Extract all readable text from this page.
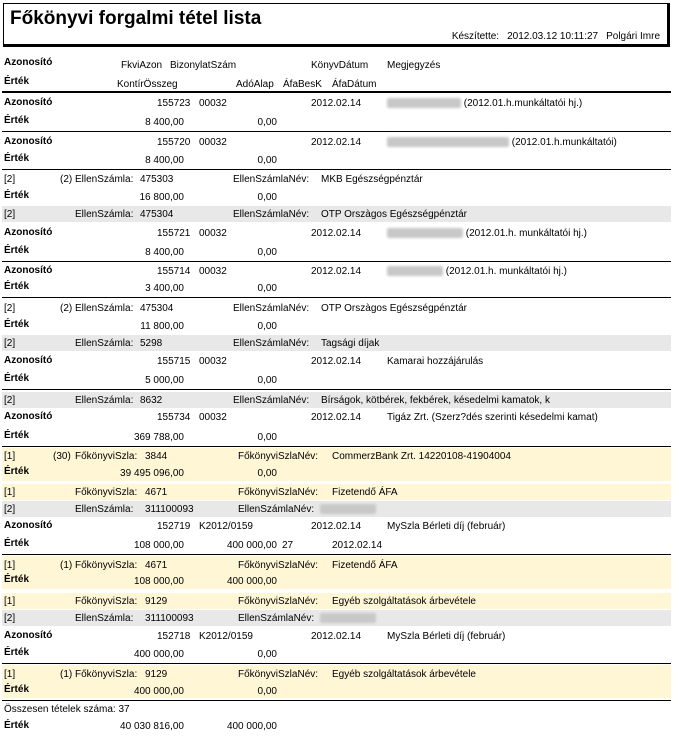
Főkönyvi forgalmi tétel lista
Készítette: 2012.03.12 10:11:27 Polgári Imre
Azonosító	FkviAzon BizonylatSzám	KönyvDátum Megjegyzés
Érték	KontírÖsszeg	AdóAlap ÁfaBesK ÁfaDátum
Azonosító	155723 00032	2012.02.14	(2012.01.h.munkáltatói hj.)
Érték	8 400,00	0,00
Azonosító	155720 00032	2012.02.14	(2012.01.h.munkáltatói)
Érték	8 400,00	0,00
[2]	(2) EllenSzámla: 475303	EllenSzámlaNév: MKB Egészségpénztár
Érték	16 800,00	0,00
[2]	EllenSzámla: 475304	EllenSzámlaNév: OTP Orszàgos Egészségpénztár
Azonosító	155721 00032	2012.02.14	(2012.01.h. munkáltatói hj.)
Érték	8 400,00	0,00
Azonosító	155714 00032	2012.02.14	(2012.01.h. munkáltatói hj.)
Érték	3 400,00	0,00
[2]	(2) EllenSzámla: 475304	EllenSzámlaNév: OTP Orszàgos Egészségpénztár
Érték	11 800,00	0,00
[2]	EllenSzámla: 5298	EllenSzámlaNév: Tagsági díjak
Azonosító	155715 00032	2012.02.14	Kamarai hozzájárulás
Érték	5 000,00	0,00
[2]	EllenSzámla: 8632	EllenSzámlaNév: Bírságok, kötbérek, fekbérek, késedelmi kamatok, k
Azonosító	155734 00032	2012.02.14	Tigáz Zrt. (Szerz?dés szerinti késedelmi kamat)
Érték	369 788,00	0,00
[1]	(30) FőkönyviSzla: 3844	FőkönyviSzlaNév: CommerzBank Zrt. 14220108-41904004
Érték	39 495 096,00	0,00
[1]	FőkönyviSzla: 4671	FőkönyviSzlaNév: Fizetendő ÁFA
[2]	EllenSzámla: 311100093	EllenSzámlaNév:
Azonosító	152719 K2012/0159	2012.02.14	MySzla Bérleti díj (február)
Érték	108 000,00	400 000,00 27	2012.02.14
[1]	(1) FőkönyviSzla: 4671	FőkönyviSzlaNév: Fizetendő ÁFA
Érték	108 000,00	400 000,00
[1]	FőkönyviSzla: 9129	FőkönyviSzlaNév: Egyéb szolgáltatások árbevétele
[2]	EllenSzámla: 311100093	EllenSzámlaNév:
Azonosító	152718 K2012/0159	2012.02.14	MySzla Bérleti díj (február)
Érték	400 000,00	0,00
[1]	(1) FőkönyviSzla: 9129	FőkönyviSzlaNév: Egyéb szolgáltatások árbevétele
Érték	400 000,00	0,00
Összesen tételek száma: 37
Érték	40 030 816,00	400 000,00
